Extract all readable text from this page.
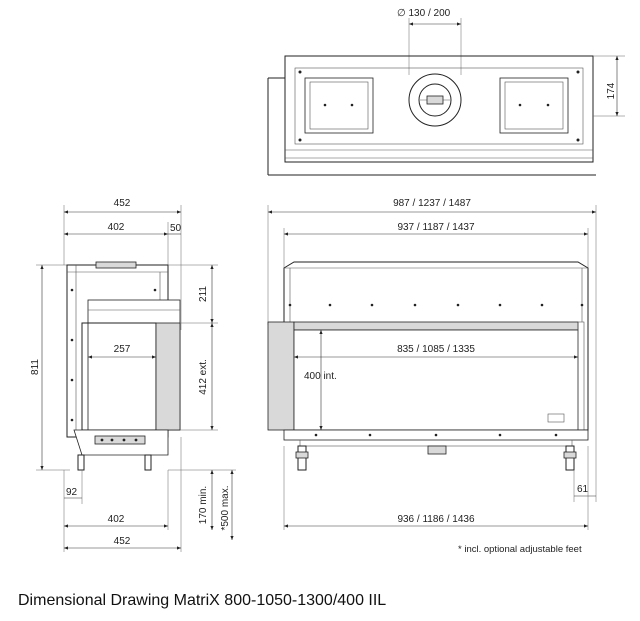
∅ 130 / 200
174
452
402	50
811
257
211
412 ext.
92
402
452
170 min. *500 max.
987 / 1237 / 1487
937 / 1187 / 1437
835 / 1085 / 1335
400 int.
61
936 / 1186 / 1436
* incl. optional adjustable feet
Dimensional Drawing MatriX 800-1050-1300/400 IIL
